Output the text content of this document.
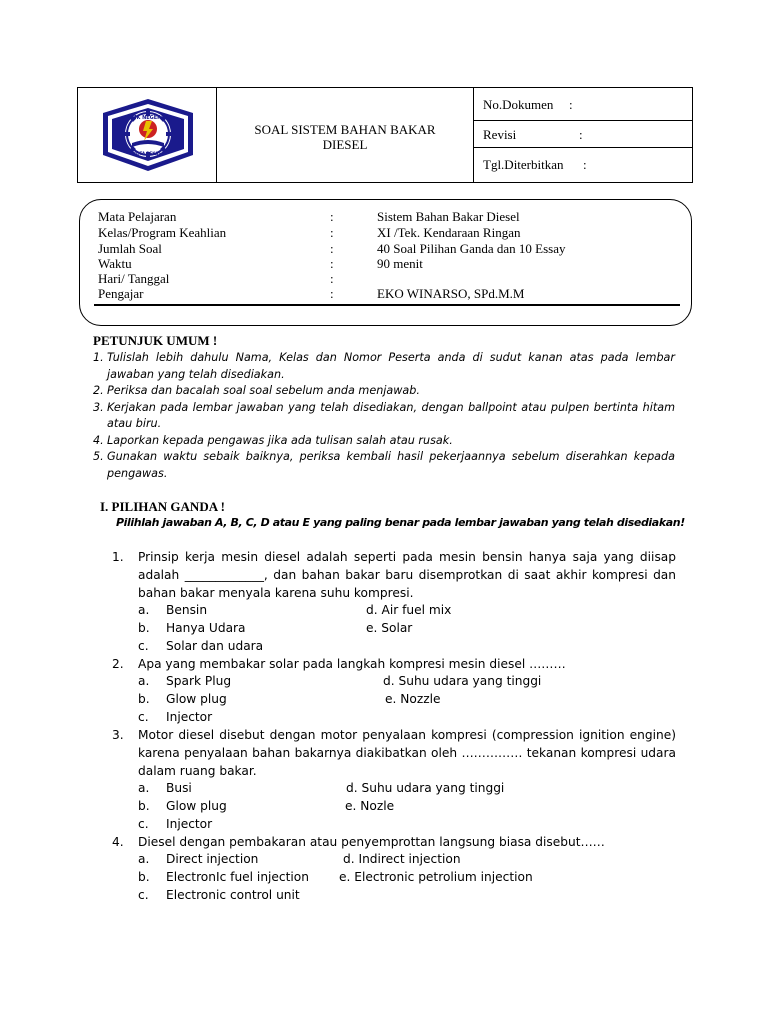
SMK NEGERI 1
KOTA BEKASI
SOAL SISTEM BAHAN BAKAR DIESEL
No.Dokumen :
Revisi	:
Tgl.Diterbitkan :
Mata Pelajaran	:	Sistem Bahan Bakar Diesel
Kelas/Program Keahlian	:	XI /Tek. Kendaraan Ringan
Jumlah Soal	:	40 Soal Pilihan Ganda dan 10 Essay
Waktu	:	90 menit
Hari/ Tanggal	:
Pengajar	:	EKO WINARSO, SPd.M.M
PETUNJUK UMUM !
1. Tulislah lebih dahulu Nama, Kelas dan Nomor Peserta anda di sudut kanan atas pada lembar jawaban yang telah disediakan.
2. Periksa dan bacalah soal soal sebelum anda menjawab.
3. Kerjakan pada lembar jawaban yang telah disediakan, dengan ballpoint atau pulpen bertinta hitam atau biru.
4. Laporkan kepada pengawas jika ada tulisan salah atau rusak.
5. Gunakan waktu sebaik baiknya, periksa kembali hasil pekerjaannya sebelum diserahkan kepada pengawas.
I. PILIHAN GANDA !
Pilihlah jawaban A, B, C, D atau E yang paling benar pada lembar jawaban yang telah disediakan!
1. Prinsip kerja mesin diesel adalah seperti pada mesin bensin hanya saja yang diisap adalah _____________, dan bahan bakar baru disemprotkan di saat akhir kompresi dan bahan bakar menyala karena suhu kompresi.
a. Bensin	d. Air fuel mix
b. Hanya Udara	e. Solar
c. Solar dan udara
2. Apa yang membakar solar pada langkah kompresi mesin diesel ………
a. Spark Plug	d. Suhu udara yang tinggi
b. Glow plug	e. Nozzle
c. Injector
3. Motor diesel disebut dengan motor penyalaan kompresi (compression ignition engine) karena penyalaan bahan bakarnya diakibatkan oleh …………… tekanan kompresi udara dalam ruang bakar.
a. Busi	d. Suhu udara yang tinggi
b. Glow plug	e. Nozle
c. Injector
4. Diesel dengan pembakaran atau penyemprottan langsung biasa disebut……
a. Direct injection	d. Indirect injection
b. ElectronIc fuel injection e. Electronic petrolium injection
c. Electronic control unit
